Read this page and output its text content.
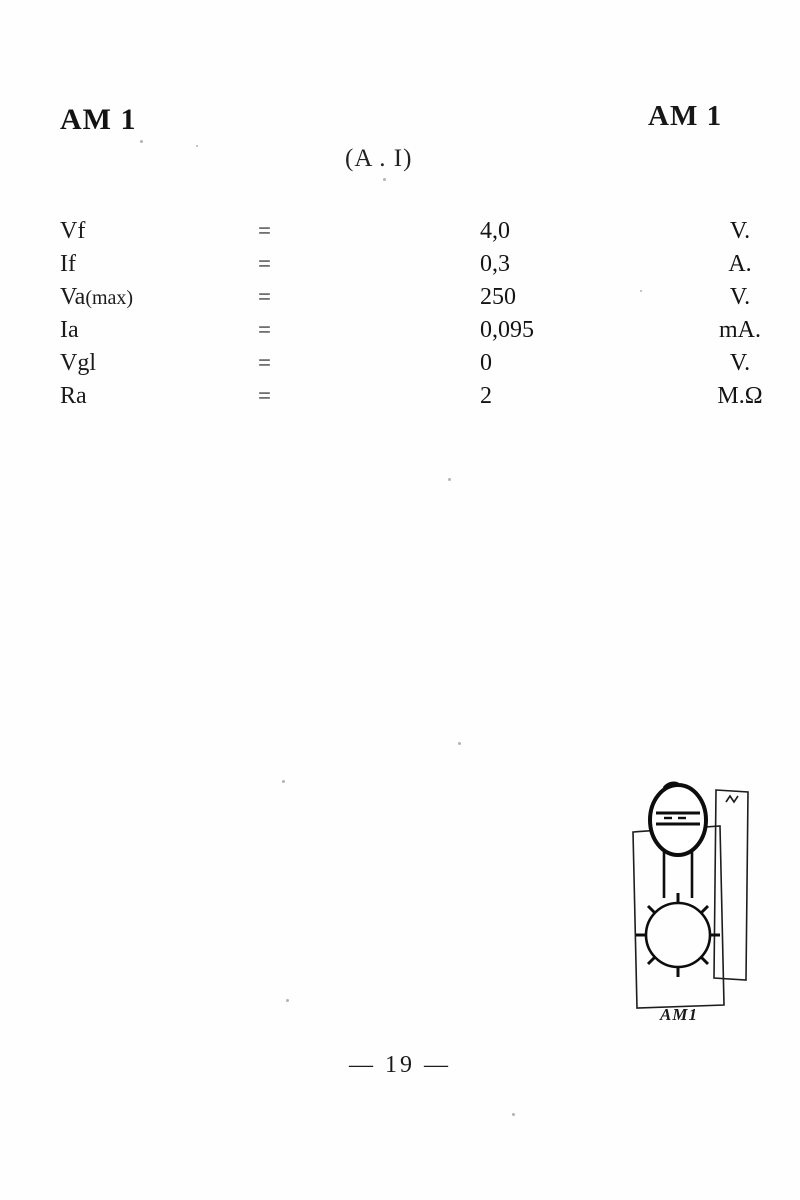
AM 1	AM 1
(A . I)
Vf	=	4,0	V.
If	=	0,3	A.
Va(max)	=	250	V.
Ia	=	0,095	mA.
Vgl	=	0	V.
Ra	=	2	M.Ω
AM1
— 19 —
